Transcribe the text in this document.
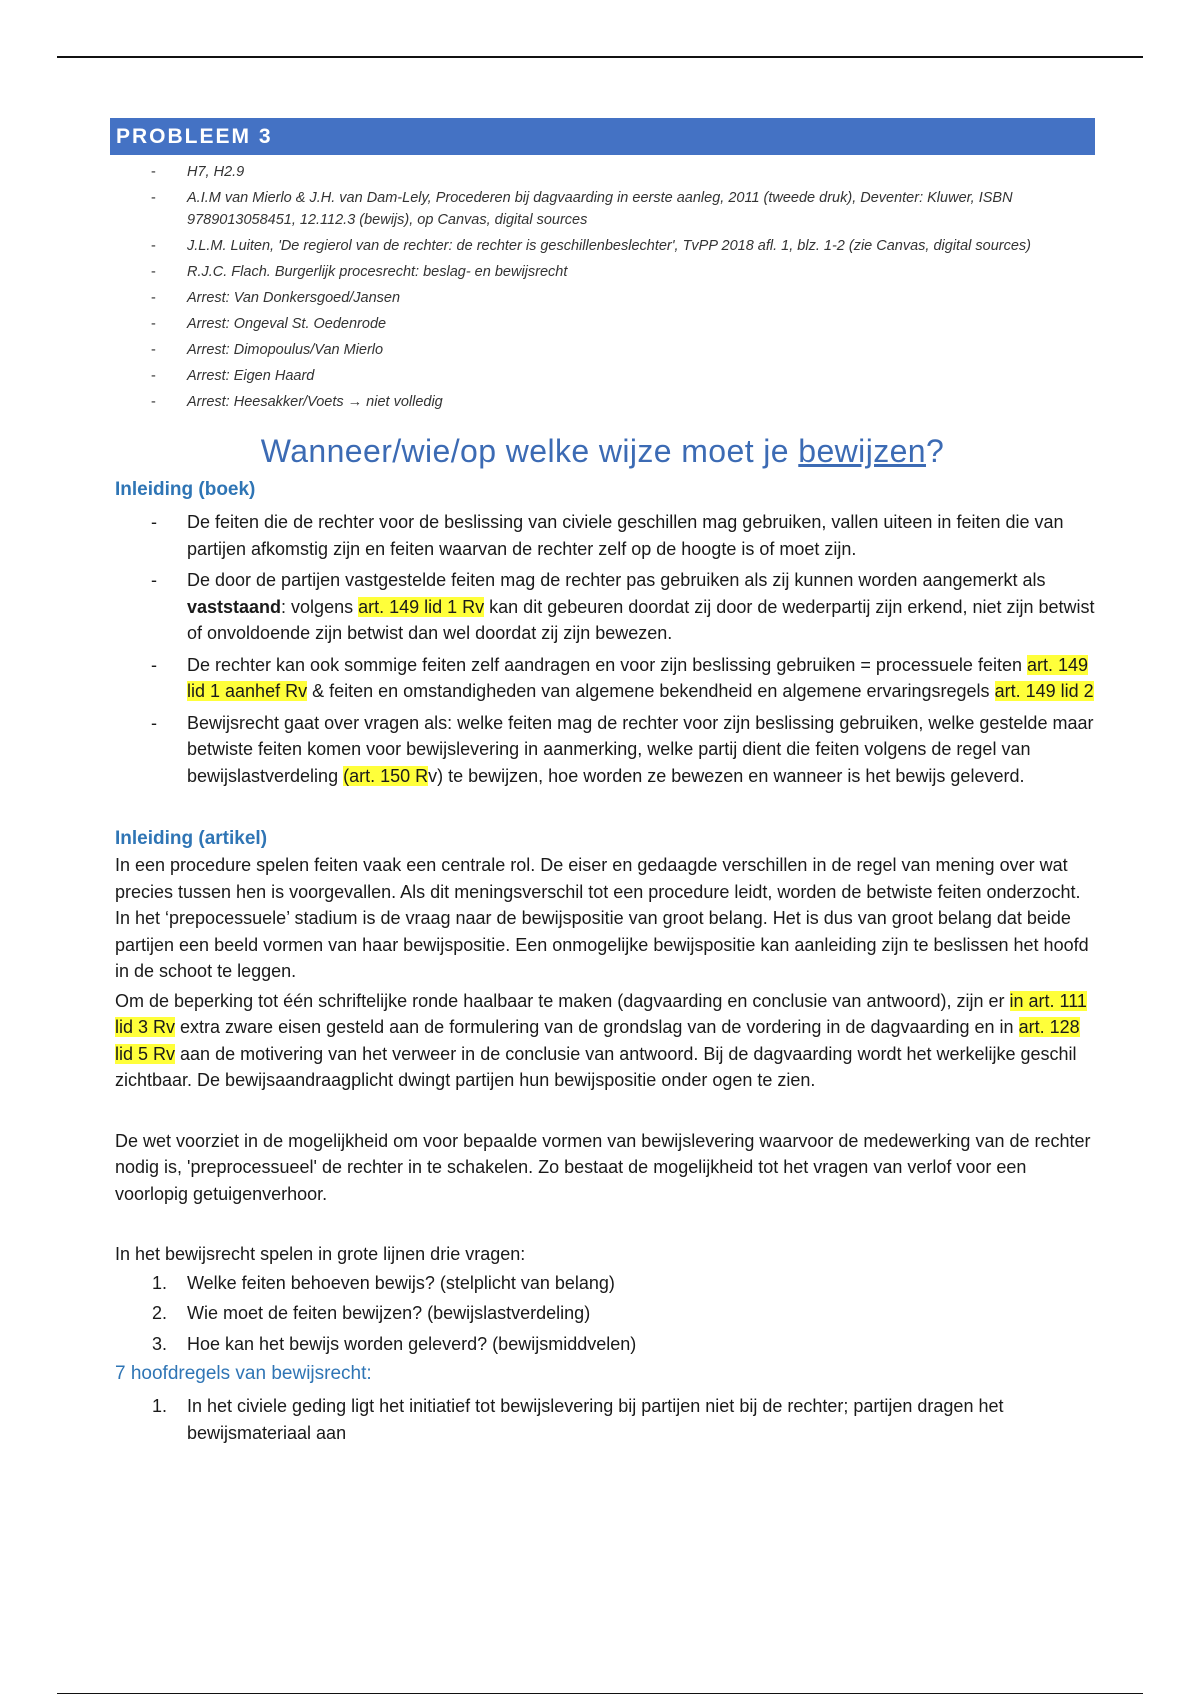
PROBLEEM 3
- H7, H2.9
- A.I.M van Mierlo & J.H. van Dam-Lely, Procederen bij dagvaarding in eerste aanleg, 2011 (tweede druk), Deventer: Kluwer, ISBN 9789013058451, 12.112.3 (bewijs), op Canvas, digital sources
- J.L.M. Luiten, 'De regierol van de rechter: de rechter is geschillenbeslechter', TvPP 2018 afl. 1, blz. 1-2 (zie Canvas, digital sources)
- R.J.C. Flach. Burgerlijk procesrecht: beslag- en bewijsrecht
- Arrest: Van Donkersgoed/Jansen
- Arrest: Ongeval St. Oedenrode
- Arrest: Dimopoulus/Van Mierlo
- Arrest: Eigen Haard
- Arrest: Heesakker/Voets → niet volledig
Wanneer/wie/op welke wijze moet je bewijzen?
Inleiding (boek)
- De feiten die de rechter voor de beslissing van civiele geschillen mag gebruiken, vallen uiteen in feiten die van partijen afkomstig zijn en feiten waarvan de rechter zelf op de hoogte is of moet zijn.
- De door de partijen vastgestelde feiten mag de rechter pas gebruiken als zij kunnen worden aangemerkt als vaststaand: volgens art. 149 lid 1 Rv kan dit gebeuren doordat zij door de wederpartij zijn erkend, niet zijn betwist of onvoldoende zijn betwist dan wel doordat zij zijn bewezen.
- De rechter kan ook sommige feiten zelf aandragen en voor zijn beslissing gebruiken = processuele feiten art. 149 lid 1 aanhef Rv & feiten en omstandigheden van algemene bekendheid en algemene ervaringsregels art. 149 lid 2
- Bewijsrecht gaat over vragen als: welke feiten mag de rechter voor zijn beslissing gebruiken, welke gestelde maar betwiste feiten komen voor bewijslevering in aanmerking, welke partij dient die feiten volgens de regel van bewijslastverdeling (art. 150 Rv) te bewijzen, hoe worden ze bewezen en wanneer is het bewijs geleverd.
Inleiding (artikel)

In een procedure spelen feiten vaak een centrale rol. De eiser en gedaagde verschillen in de regel van mening over wat precies tussen hen is voorgevallen. Als dit meningsverschil tot een procedure leidt, worden de betwiste feiten onderzocht. In het ‘prepocessuele’ stadium is de vraag naar de bewijspositie van groot belang. Het is dus van groot belang dat beide partijen een beeld vormen van haar bewijspositie. Een onmogelijke bewijspositie kan aanleiding zijn te beslissen het hoofd in de schoot te leggen.

Om de beperking tot één schriftelijke ronde haalbaar te maken (dagvaarding en conclusie van antwoord), zijn er in art. 111 lid 3 Rv extra zware eisen gesteld aan de formulering van de grondslag van de vordering in de dagvaarding en in art. 128 lid 5 Rv aan de motivering van het verweer in de conclusie van antwoord. Bij de dagvaarding wordt het werkelijke geschil zichtbaar. De bewijsaandraagplicht dwingt partijen hun bewijspositie onder ogen te zien.

De wet voorziet in de mogelijkheid om voor bepaalde vormen van bewijslevering waarvoor de medewerking van de rechter nodig is, 'preprocessueel' de rechter in te schakelen. Zo bestaat de mogelijkheid tot het vragen van verlof voor een voorlopig getuigenverhoor.

In het bewijsrecht spelen in grote lijnen drie vragen:

1. Welke feiten behoeven bewijs? (stelplicht van belang)
2. Wie moet de feiten bewijzen? (bewijslastverdeling)
3. Hoe kan het bewijs worden geleverd? (bewijsmiddvelen)
7 hoofdregels van bewijsrecht:
1. In het civiele geding ligt het initiatief tot bewijslevering bij partijen niet bij de rechter; partijen dragen het bewijsmateriaal aan
